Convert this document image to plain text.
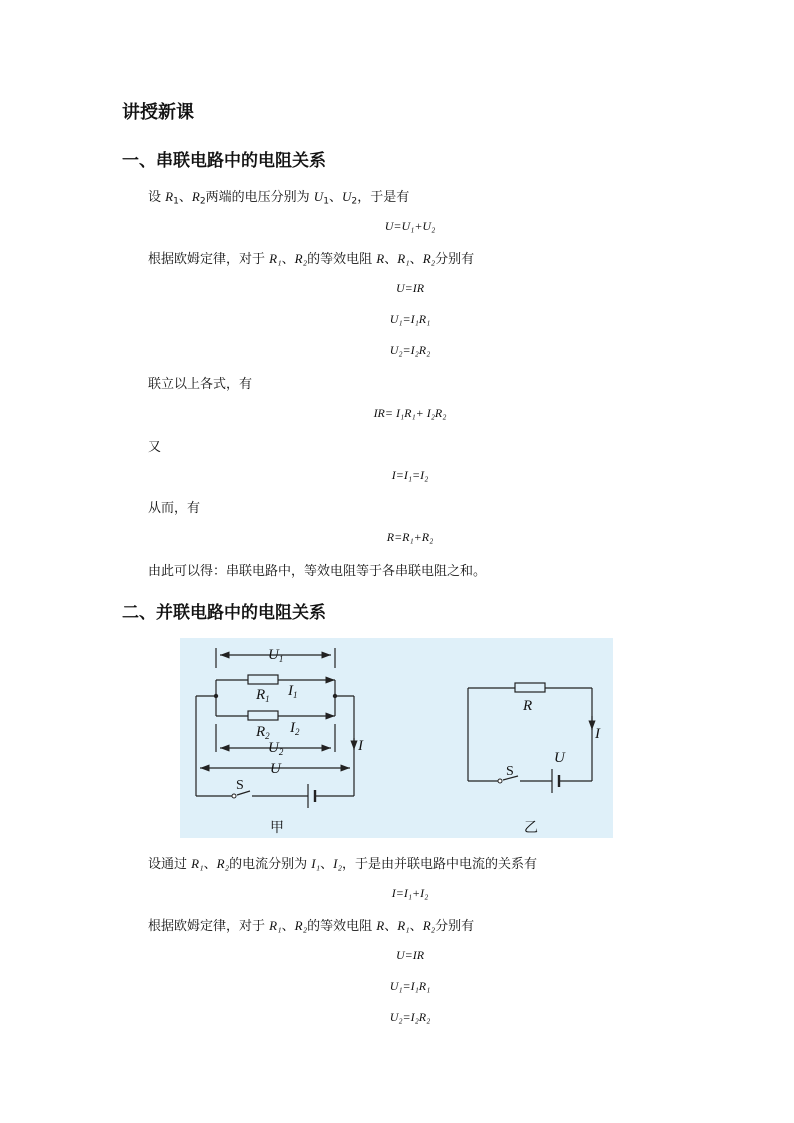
讲授新课
一、串联电路中的电阻关系
设 $R_1$、$R_2$两端的电压分别为 $U_1$、$U_2$，于是有
U=U₁+U₂
根据欧姆定律，对于 R₁、R₂的等效电阻 R、R₁、R₂分别有
U=IR
U₁=I₁R₁
U₂=I₂R₂
联立以上各式，有
IR= I₁R₁+ I₂R₂
又
I=I₁=I₂
从而，有
R=R₁+R₂
由此可以得：串联电路中，等效电阻等于各串联电阻之和。
二、并联电路中的电阻关系
$U_1$
$R_1$ $I_1$
$R_2$ $I_2$
$U_2$	I
U
R
I
U
S
S
甲	乙
设通过 R₁、R₂的电流分别为 I₁、I₂，于是由并联电路中电流的关系有
I=I₁+I₂
根据欧姆定律，对于 R₁、R₂的等效电阻 R、R₁、R₂分别有
U=IR
U₁=I₁R₁
U₂=I₂R₂
